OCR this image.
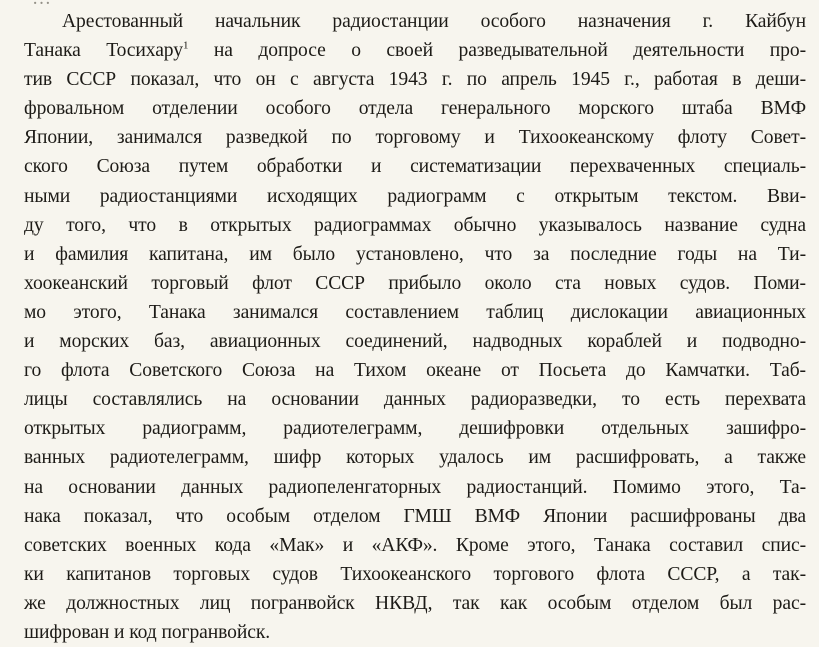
Арестованный начальник радиостанции особого назначения г. Кайбун
Танака Тосихару$^1$ на допросе о своей разведывательной деятельности про-
тив СССР показал, что он с августа 1943 г. по апрель 1945 г., работая в деши-
фровальном отделении особого отдела генерального морского штаба ВМФ
Японии, занимался разведкой по торговому и Тихоокеанскому флоту Совет-
ского Союза путем обработки и систематизации перехваченных специаль-
ными радиостанциями исходящих радиограмм с открытым текстом. Вви-
ду того, что в открытых радиограммах обычно указывалось название судна
и фамилия капитана, им было установлено, что за последние годы на Ти-
хоокеанский торговый флот СССР прибыло около ста новых судов. Поми-
мо этого, Танака занимался составлением таблиц дислокации авиационных
и морских баз, авиационных соединений, надводных кораблей и подводно-
го флота Советского Союза на Тихом океане от Посьета до Камчатки. Таб-
лицы составлялись на основании данных радиоразведки, то есть перехвата
открытых радиограмм, радиотелеграмм, дешифровки отдельных зашифро-
ванных радиотелеграмм, шифр которых удалось им расшифровать, а также
на основании данных радиопеленгаторных радиостанций. Помимо этого, Та-
нака показал, что особым отделом ГМШ ВМФ Японии расшифрованы два
советских военных кода «Мак» и «АКФ». Кроме этого, Танака составил спис-
ки капитанов торговых судов Тихоокеанского торгового флота СССР, а так-
же должностных лиц погранвойск НКВД, так как особым отделом был рас-
шифрован и код погранвойск.
